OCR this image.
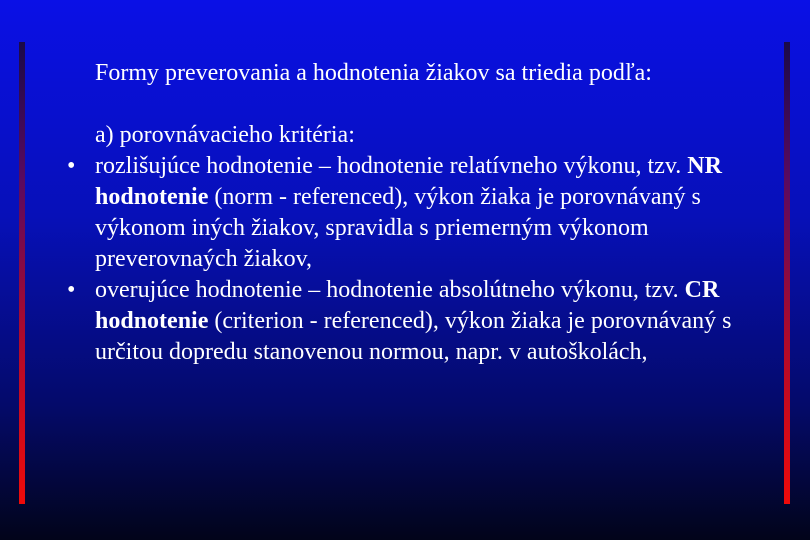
Formy preverovania a hodnotenia žiakov sa triedia podľa:

a) porovnávacieho kritéria:

• rozlišujúce hodnotenie – hodnotenie relatívneho výkonu, tzv. NR hodnotenie (norm - referenced), výkon žiaka je porovnávaný s výkonom iných žiakov, spravidla s priemerným výkonom preverovnaých žiakov,
• overujúce hodnotenie – hodnotenie absolútneho výkonu, tzv. CR hodnotenie (criterion - referenced), výkon žiaka je porovnávaný s určitou dopredu stanovenou normou, napr. v autoškolách,
